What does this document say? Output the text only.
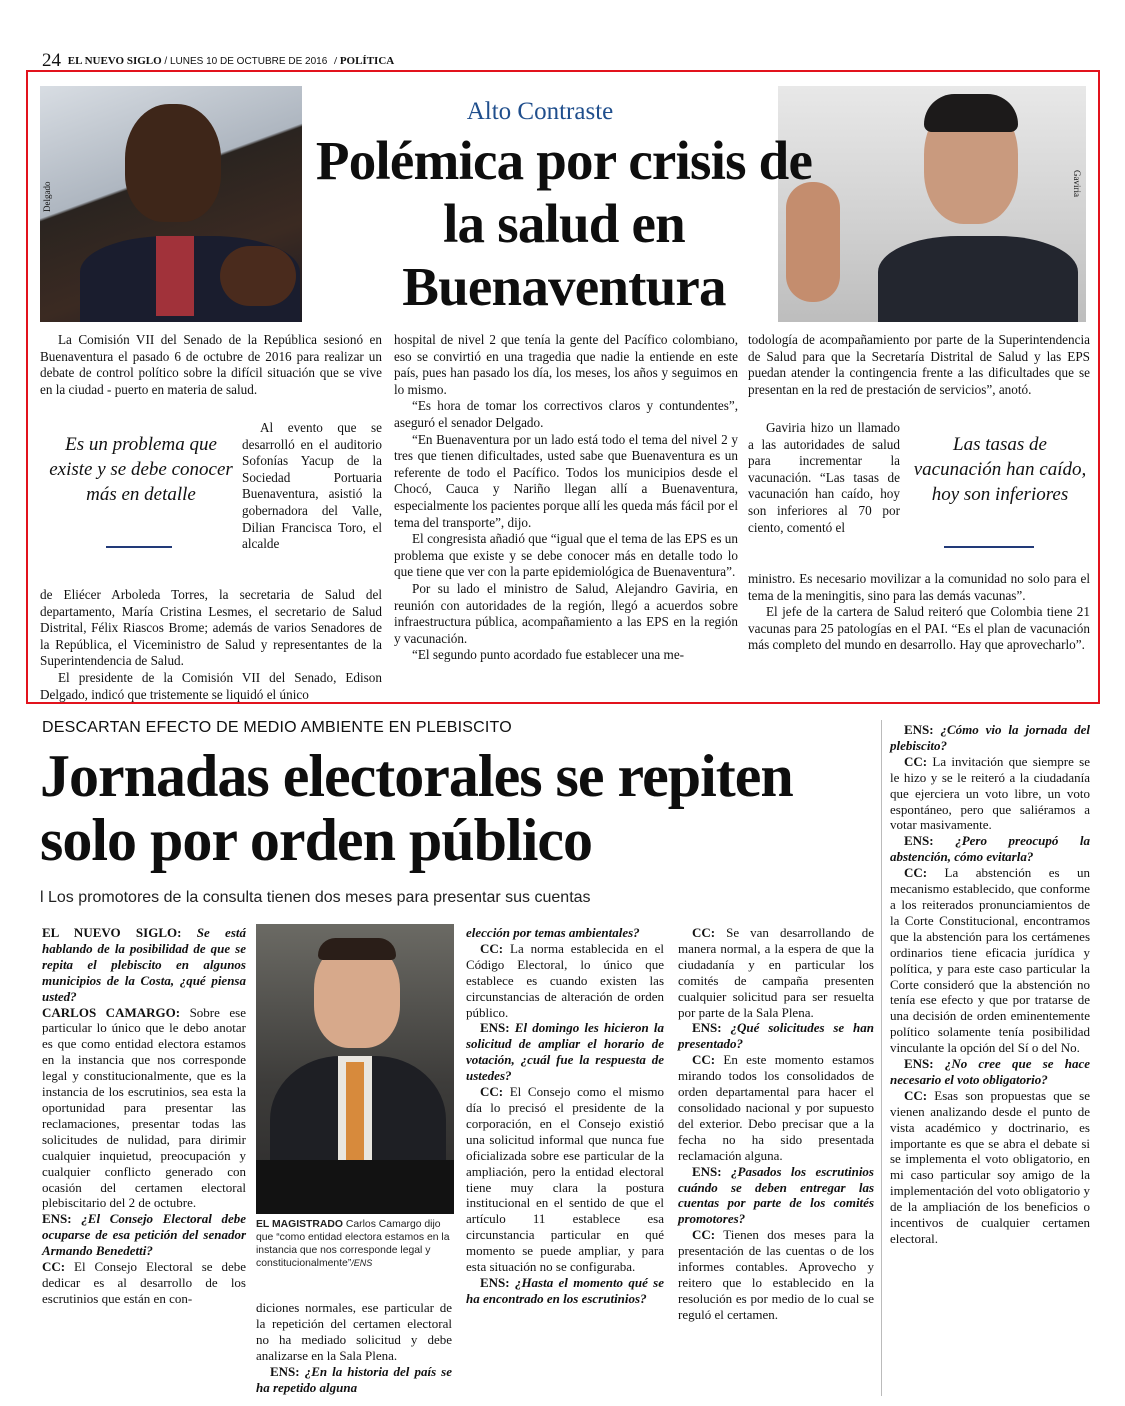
24 EL NUEVO SIGLO / LUNES 10 DE OCTUBRE DE 2016 / POLÍTICA
Delgado	Gaviria
Alto Contraste
Polémica por crisis de la salud en Buenaventura

La Comisión VII del Senado de la República sesionó en Buenaventura el pasado 6 de octubre de 2016 para realizar un debate de control político sobre la difícil situación que se vive en la ciudad - puerto en materia de salud.

Es un problema que existe y se debe conocer más en detalle

Al evento que se desarrolló en el auditorio Sofonías Yacup de la Sociedad Portuaria Buenaventura, asistió la gobernadora del Valle, Dilian Francisca Toro, el alcalde

de Eliécer Arboleda Torres, la secretaria de Salud del departamento, María Cristina Lesmes, el secretario de Salud Distrital, Félix Riascos Brome; además de varios Senadores de la República, el Viceministro de Salud y representantes de la Superintendencia de Salud.

El presidente de la Comisión VII del Senado, Edison Delgado, indicó que tristemente se liquidó el único

hospital de nivel 2 que tenía la gente del Pacífico colombiano, eso se convirtió en una tragedia que nadie la entiende en este país, pues han pasado los día, los meses, los años y seguimos en lo mismo.

“Es hora de tomar los correctivos claros y contundentes”, aseguró el senador Delgado.

“En Buenaventura por un lado está todo el tema del nivel 2 y tres que tienen dificultades, usted sabe que Buenaventura es un referente de todo el Pacífico. Todos los municipios desde el Chocó, Cauca y Nariño llegan allí a Buenaventura, especialmente los pacientes porque allí les queda más fácil por el tema del transporte”, dijo.

El congresista añadió que “igual que el tema de las EPS es un problema que existe y se debe conocer más en detalle todo lo que tiene que ver con la parte epidemiológica de Buenaventura”.

Por su lado el ministro de Salud, Alejandro Gaviria, en reunión con autoridades de la región, llegó a acuerdos sobre infraestructura pública, acompañamiento a las EPS en la región y vacunación.

“El segundo punto acordado fue establecer una me-

todología de acompañamiento por parte de la Superintendencia de Salud para que la Secretaría Distrital de Salud y las EPS puedan atender la contingencia frente a las dificultades que se presentan en la red de prestación de servicios”, anotó.

Gaviria hizo un llamado a las autoridades de salud para incrementar la vacunación. “Las tasas de vacunación han caído, hoy son inferiores al 70 por ciento, comentó el

Las tasas de vacunación han caído, hoy son inferiores

ministro. Es necesario movilizar a la comunidad no solo para el tema de la meningitis, sino para las demás vacunas”.

El jefe de la cartera de Salud reiteró que Colombia tiene 21 vacunas para 25 patologías en el PAI. “Es el plan de vacunación más completo del mundo en desarrollo. Hay que aprovecharlo”.

DESCARTAN EFECTO DE MEDIO AMBIENTE EN PLEBISCITO
Jornadas electorales se repiten solo por orden público
l Los promotores de la consulta tienen dos meses para presentar sus cuentas

EL NUEVO SIGLO: Se está hablando de la posibilidad de que se repita el plebiscito en algunos municipios de la Costa, ¿qué piensa usted?

CARLOS CAMARGO: Sobre ese particular lo único que le debo anotar es que como entidad electora estamos en la instancia que nos corresponde legal y constitucionalmente, que es la instancia de los escrutinios, sea esta la oportunidad para presentar las reclamaciones, presentar todas las solicitudes de nulidad, para dirimir cualquier inquietud, preocupación y cualquier conflicto generado con ocasión del certamen electoral plebiscitario del 2 de octubre.

ENS: ¿El Consejo Electoral debe ocuparse de esa petición del senador Armando Benedetti?

CC: El Consejo Electoral se debe dedicar es al desarrollo de los escrutinios que están en con-

EL MAGISTRADO Carlos Camargo dijo que “como entidad electora estamos en la instancia que nos corresponde legal y constitucionalmente”/ENS

diciones normales, ese particular de la repetición del certamen electoral no ha mediado solicitud y debe analizarse en la Sala Plena.

ENS: ¿En la historia del país se ha repetido alguna

elección por temas ambientales?

CC: La norma establecida en el Código Electoral, lo único que establece es cuando existen las circunstancias de alteración de orden público.

ENS: El domingo les hicieron la solicitud de ampliar el horario de votación, ¿cuál fue la respuesta de ustedes?

CC: El Consejo como el mismo día lo precisó el presidente de la corporación, en el Consejo existió una solicitud informal que nunca fue oficializada sobre ese particular de la ampliación, pero la entidad electoral tiene muy clara la postura institucional en el sentido de que el artículo 11 establece esa circunstancia particular en qué momento se puede ampliar, y para esta situación no se configuraba.

ENS: ¿Hasta el momento qué se ha encontrado en los escrutinios?

CC: Se van desarrollando de manera normal, a la espera de que la ciudadanía y en particular los comités de campaña presenten cualquier solicitud para ser resuelta por parte de la Sala Plena.

ENS: ¿Qué solicitudes se han presentado?

CC: En este momento estamos mirando todos los consolidados de orden departamental para hacer el consolidado nacional y por supuesto del exterior. Debo precisar que a la fecha no ha sido presentada reclamación alguna.

ENS: ¿Pasados los escrutinios cuándo se deben entregar las cuentas por parte de los comités promotores?

CC: Tienen dos meses para la presentación de las cuentas o de los informes contables. Aprovecho y reitero que lo establecido en la resolución es por medio de lo cual se reguló el certamen.

ENS: ¿Cómo vio la jornada del plebiscito?

CC: La invitación que siempre se le hizo y se le reiteró a la ciudadanía que ejerciera un voto libre, un voto espontáneo, pero que saliéramos a votar masivamente.

ENS: ¿Pero preocupó la abstención, cómo evitarla?

CC: La abstención es un mecanismo establecido, que conforme a los reiterados pronunciamientos de la Corte Constitucional, encontramos que la abstención para los certámenes ordinarios tiene eficacia jurídica y política, y para este caso particular la Corte consideró que la abstención no tenía ese efecto y que por tratarse de una decisión de orden eminentemente político solamente tenía posibilidad vinculante la opción del Sí o del No.

ENS: ¿No cree que se hace necesario el voto obligatorio?

CC: Esas son propuestas que se vienen analizando desde el punto de vista académico y doctrinario, es importante es que se abra el debate si se implementa el voto obligatorio, en mi caso particular soy amigo de la implementación del voto obligatorio y de la ampliación de los beneficios o incentivos de cualquier certamen electoral.
